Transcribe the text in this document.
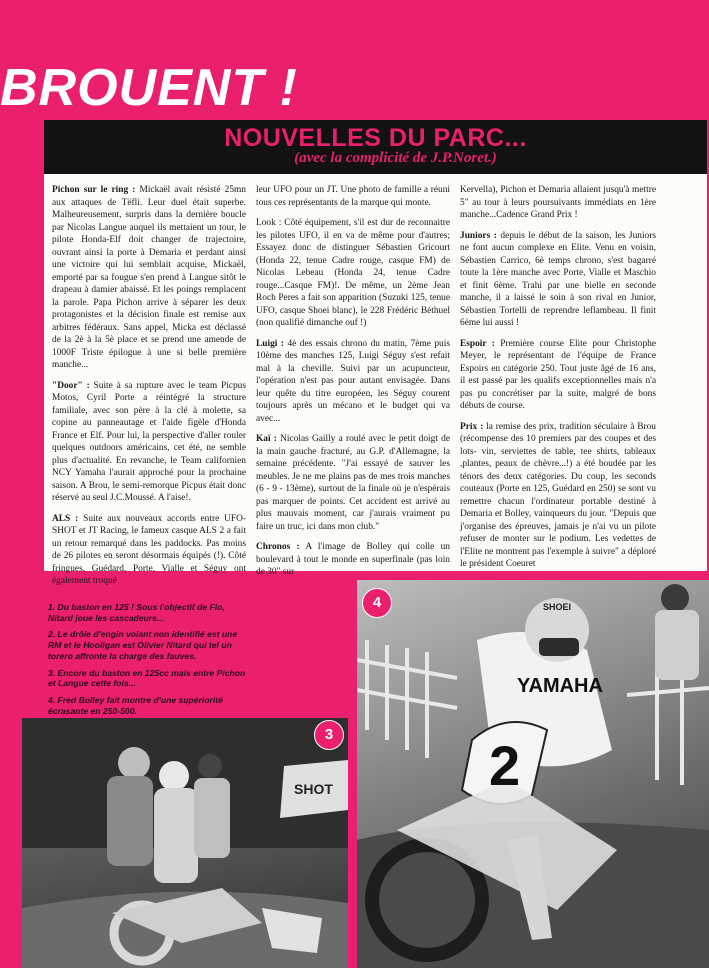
BROUENT !
NOUVELLES DU PARC...
(avec la complicité de J.P.Noret.)

Pichon sur le ring : Mickaël avait résisté 25mn aux attaques de Tëfli. Leur duel était superbe. Malheureusement, surpris dans la dernière boucle par Nicolas Langue auquel ils mettaient un tour, le pilote Honda-Elf doit changer de trajectoire, ouvrant ainsi la porte à Demaria et perdant ainsi une victoire qui lui semblait acquise, Mickaël, emporté par sa fougue s'en prend à Langue sitôt le drapeau à damier abaissé. Et les poings remplacent la parole. Papa Pichon arrive à séparer les deux protagonistes et la décision finale est remise aux arbitres fédéraux. Sans appel, Micka est déclassé de la 2è à la 5è place et se prend une amende de 1000F Triste épilogue à une si belle première manche...

"Door" : Suite à sa rupture avec le team Picpus Motos, Cyril Porte a réintégré la structure familiale, avec son père à la clé à molette, sa copine au panneautage et l'aide figèle d'Honda France et Elf. Pour lui, la perspective d'aller rouler quelques outdoors américains, cet été, ne semble plus d'actualité. En revanche, le Team californien NCY Yamaha l'aurait approché pour la prochaine saison. A Brou, le semi-remorque Picpus était donc réservé au seul J.C.Moussé. A l'aise!.

ALS : Suite aux nouveaux accords entre UFO-SHOT et JT Racing, le fameux casque ALS 2 a fait un retour remarqué dans les paddocks. Pas moins de 26 pilotes en seront désormais équipés (!). Côté fringues, Guédard, Porte, Vialle et Séguy ont également troqué

leur UFO pour un JT. Une photo de famille a réuni tous ces représentants de la marque qui monte.

Look : Côté équipement, s'il est dur de reconnaitre les pilotes UFO, il en va de même pour d'autres; Essayez donc de distinguer Sébastien Gricourt (Honda 22, tenue Cadre rouge, casque FM) de Nicolas Lebeau (Honda 24, tenue Cadre rouge...Casque FM)!. De même, un 2ème Jean Roch Peres a fait son apparition (Suzuki 125, tenue UFO, casque Shoei blanc), le 228 Frédéric Béthuel (non qualifié dimanche ouf !)

Luigi : 4è des essais chrono du matin, 7ème puis 10ème des manches 125, Luigi Séguy s'est refait mal à la cheville. Suivi par un acupuncteur, l'opération n'est pas pour autant envisagée. Dans leur quête du titre européen, les Séguy courent toujours après un mécano et le budget qui va avec...

Kaï : Nicolas Gailly a roulé avec le petit doigt de la main gauche fracturé, au G.P. d'Allemagne, la semaine précédente. "J'ai essayé de sauver les meubles. Je ne me plains pas de mes trois manches (6 - 9 - 13ème), surtout de la finale où je n'espérais pas marquer de points. Cet accident est arrivé au plus mauvais moment, car j'aurais vraiment pu faire un truc, ici dans mon club."

Chronos : A l'image de Bolley qui colle un boulevard à tout le monde en superfinale (pas loin de 30" sur

Kervella), Pichon et Demaria allaient jusqu'à mettre 5" au tour à leurs poursuivants immédiats en 1ère manche...Cadence Grand Prix !

Juniors : depuis le début de la saison, les Juniors ne font aucun complexe en Elite. Venu en voisin, Sébastien Carrico, 6è temps chrono, s'est bagarré toute la 1ère manche avec Porte, Vialle et Maschio et finit 6ème. Trahi par une bielle en seconde manche, il a laissé le soin à son rival en Junior, Sébastien Tortelli de reprendre leflambeau. Il finit 6ème lui aussi !

Espoir : Première course Elite pour Christophe Meyer, le représentant de l'équipe de France Espoirs en catégorie 250. Tout juste âgé de 16 ans, il est passé par les qualifs exceptionnelles mais n'a pas pu concrétiser par la suite, malgré de bons débuts de course.

Prix : la remise des prix, tradition séculaire à Brou (récompense des 10 premiers par des coupes et des lots- vin, serviettes de table, tee shirts, tableaux ,plantes, peaux de chèvre...!) a été boudée par les ténors des deux catégories. Du coup, les seconds couteaux (Porte en 125, Guédard en 250) se sont vu remettre chacun l'ordinateur portable destiné à Demaria et Bolley, vainqueurs du jour. "Depuis que j'organise des épreuves, jamais je n'ai vu un pilote refuser de monter sur le podium. Les vedettes de l'Elite ne montrent pas l'exemple à suivre" a déploré le président Coeuret

1. Du baston en 125 ! Sous l'objectif de Flo, Nitard joue les cascadeurs...

2. Le drôle d'engin volant non identifié est une RM et le Hooligan est Olivier Nitard qui tel un torero affronte la charge des fauves.

3. Encore du baston en 125cc mais entre Pichon et Langue cette fois...

4. Fred Bolley fait montre d'une supériorité écrasante en 250-500.

SHOEI
YAMAHA
2
4
SHOT
3
